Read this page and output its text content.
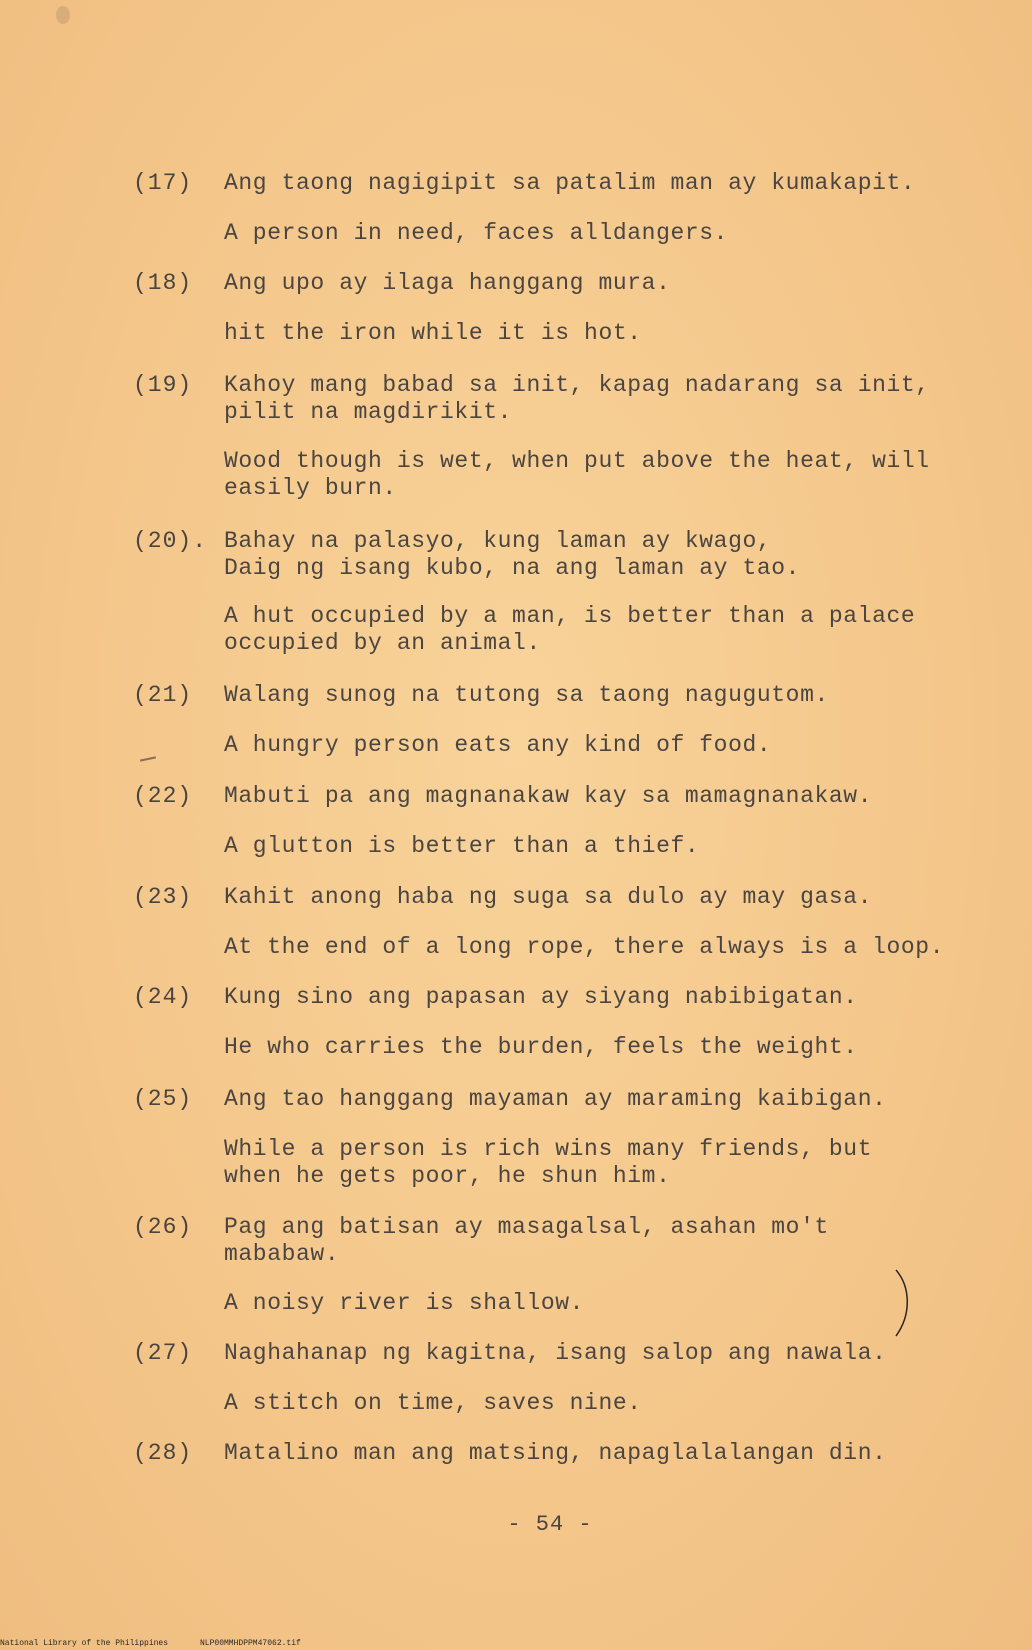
(17)	Ang taong nagigipit sa patalim man ay kumakapit.
A person in need, faces alldangers.
(18)	Ang upo ay ilaga hanggang mura.
hit the iron while it is hot.
(19)	Kahoy mang babad sa init, kapag nadarang sa init,
pilit na magdirikit.
Wood though is wet, when put above the heat, will
easily burn.
(20). Bahay na palasyo, kung laman ay kwago,
Daig ng isang kubo, na ang laman ay tao.
A hut occupied by a man, is better than a palace
occupied by an animal.
(21)	Walang sunog na tutong sa taong nagugutom.
A hungry person eats any kind of food.
(22)	Mabuti pa ang magnanakaw kay sa mamagnanakaw.
A glutton is better than a thief.
(23)	Kahit anong haba ng suga sa dulo ay may gasa.
At the end of a long rope, there always is a loop.
(24)	Kung sino ang papasan ay siyang nabibigatan.
He who carries the burden, feels the weight.
(25)	Ang tao hanggang mayaman ay maraming kaibigan.
While a person is rich wins many friends, but
when he gets poor, he shun him.
(26)	Pag ang batisan ay masagalsal, asahan mo't
mababaw.
A noisy river is shallow.
(27)	Naghahanap ng kagitna, isang salop ang nawala.
A stitch on time, saves nine.
(28)	Matalino man ang matsing, napaglalalangan din.
- 54 -
National Library of the Philippines	NLP00MMHDPPM47062.tif
